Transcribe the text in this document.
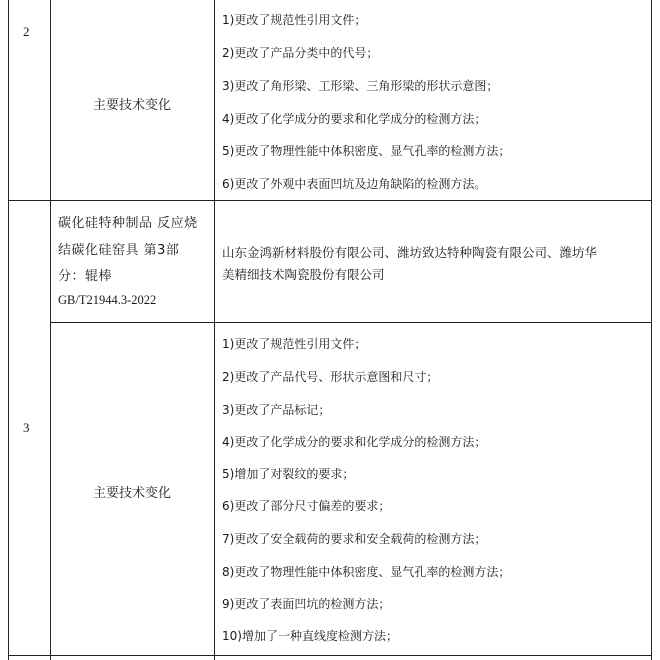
2
主要技术变化
1)更改了规范性引用文件；
2)更改了产品分类中的代号；
3)更改了角形梁、工形梁、三角形梁的形状示意图；
4)更改了化学成分的要求和化学成分的检测方法；
5)更改了物理性能中体积密度、显气孔率的检测方法；
6)更改了外观中表面凹坑及边角缺陷的检测方法。
碳化硅特种制品 反应烧
结碳化硅窑具 第3部
分：辊棒
GB/T21944.3-2022
山东金鸿新材料股份有限公司、潍坊致达特种陶瓷有限公司、潍坊华
美精细技术陶瓷股份有限公司
3
主要技术变化
1)更改了规范性引用文件；
2)更改了产品代号、形状示意图和尺寸；
3)更改了产品标记；
4)更改了化学成分的要求和化学成分的检测方法；
5)增加了对裂纹的要求；
6)更改了部分尺寸偏差的要求；
7)更改了安全载荷的要求和安全载荷的检测方法；
8)更改了物理性能中体积密度、显气孔率的检测方法；
9)更改了表面凹坑的检测方法；
10)增加了一种直线度检测方法；
